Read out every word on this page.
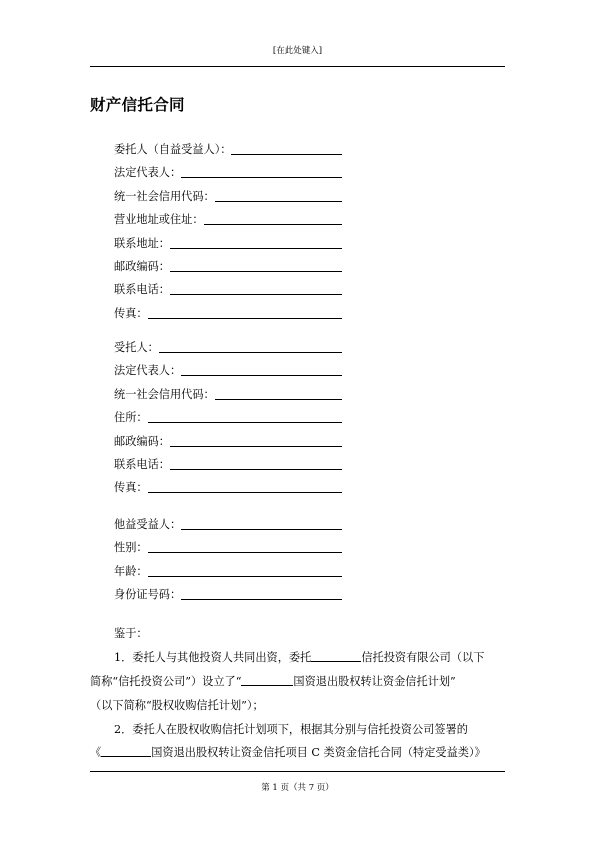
[在此处键入]
财产信托合同
委托人（自益受益人）：
法定代表人：
统一社会信用代码：
营业地址或住址：
联系地址：
邮政编码：
联系电话：
传真：
受托人：
法定代表人：
统一社会信用代码：
住所：
邮政编码：
联系电话：
传真：
他益受益人：
性别：
年龄：
身份证号码：
鉴于：
1．委托人与其他投资人共同出资，委托	信托投资有限公司（以下
简称“信托投资公司”）设立了“	国资退出股权转让资金信托计划”
（以下简称“股权收购信托计划”）；
2．委托人在股权收购信托计划项下，根据其分别与信托投资公司签署的
《	国资退出股权转让资金信托项目 C 类资金信托合同（特定受益类）》
第 1 页（共 7 页）
